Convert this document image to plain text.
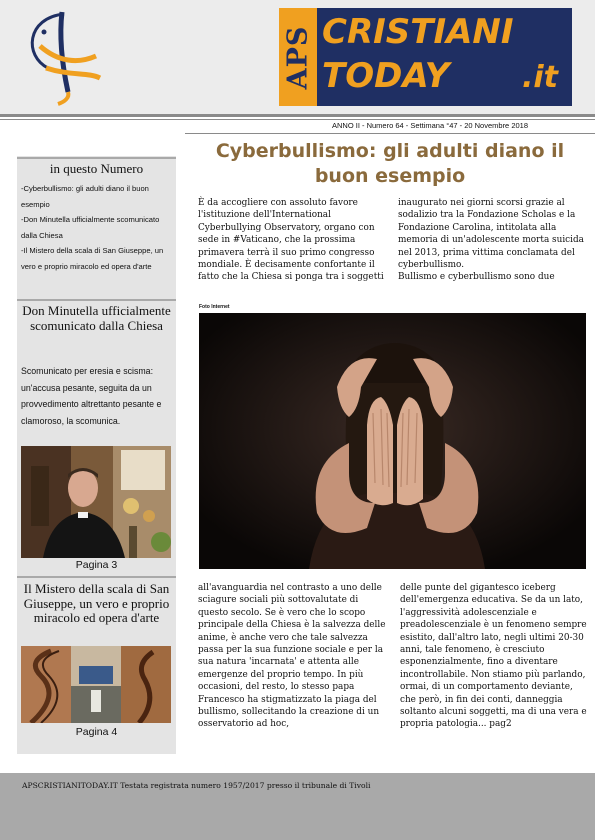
APS CRISTIANI
TODAY .it
ANNO II - Numero 64 - Settimana °47 - 20 Novembre 2018
in questo Numero
-Cyberbullismo: gli adulti diano il buon esempio
-Don Minutella ufficialmente scomunicato dalla Chiesa
-Il Mistero della scala di San Giuseppe, un vero e proprio miracolo ed opera d'arte
Don Minutella ufficialmente scomunicato dalla Chiesa
Scomunicato per eresia e scisma: un'accusa pesante, seguita da un provvedimento altrettanto pesante e clamoroso, la scomunica.
Pagina 3
Il Mistero della scala di San Giuseppe, un vero e proprio miracolo ed opera d'arte
Pagina 4
Cyberbullismo: gli adulti diano il buon esempio
È da accogliere con assoluto favore l'istituzione dell'International Cyberbullying Observatory, organo con sede in #Vaticano, che la prossima primavera terrà il suo primo congresso mondiale. È decisamente confortante il fatto che la Chiesa si ponga tra i soggetti
inaugurato nei giorni scorsi grazie al sodalizio tra la Fondazione Scholas e la Fondazione Carolina, intitolata alla memoria di un'adolescente morta suicida nel 2013, prima vittima conclamata del cyberbullismo.
Bullismo e cyberbullismo sono due
Foto Internet
all'avanguardia nel contrasto a uno delle sciagure sociali più sottovalutate di questo secolo. Se è vero che lo scopo principale della Chiesa è la salvezza delle anime, è anche vero che tale salvezza passa per la sua funzione sociale e per la sua natura 'incarnata' e attenta alle emergenze del proprio tempo. In più occasioni, del resto, lo stesso papa Francesco ha stigmatizzato la piaga del bullismo, sollecitando la creazione di un osservatorio ad hoc,
delle punte del gigantesco iceberg dell'emergenza educativa. Se da un lato, l'aggressività adolescenziale e preadolescenziale è un fenomeno sempre esistito, dall'altro lato, negli ultimi 20-30 anni, tale fenomeno, è cresciuto esponenzialmente, fino a diventare incontrollabile. Non stiamo più parlando, ormai, di un comportamento deviante, che però, in fin dei conti, danneggia soltanto alcuni soggetti, ma di una vera e propria patologia... pag2
APSCRISTIANITODAY.IT Testata registrata numero 1957/2017 presso il tribunale di Tivoli
